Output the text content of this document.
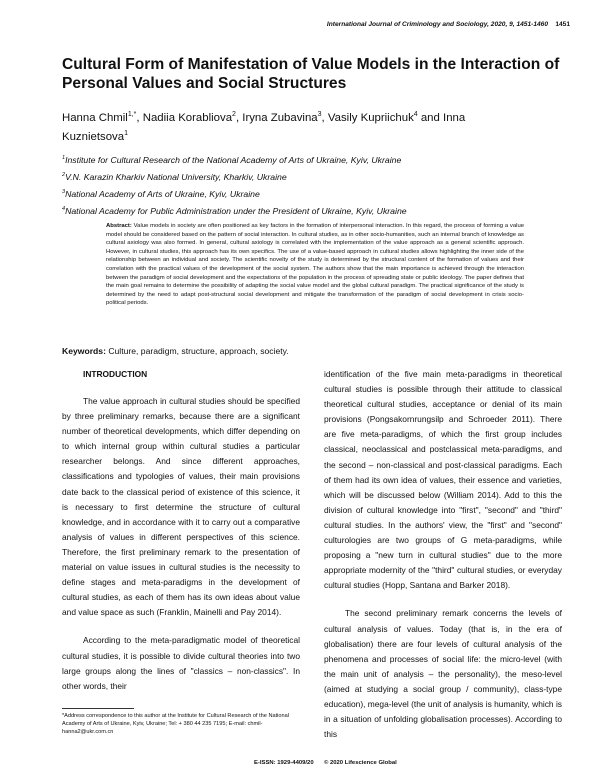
International Journal of Criminology and Sociology, 2020, 9, 1451-1460 1451
Cultural Form of Manifestation of Value Models in the Interaction of Personal Values and Social Structures
Hanna Chmil$^{1,*}$, Nadiia Korabliova$^2$, Iryna Zubavina$^3$, Vasily Kupriichuk$^4$ and Inna Kuznietsova$^1$
$^1$Institute for Cultural Research of the National Academy of Arts of Ukraine, Kyiv, Ukraine
$^2$V.N. Karazin Kharkiv National University, Kharkiv, Ukraine
$^3$National Academy of Arts of Ukraine, Kyiv, Ukraine
$^4$National Academy for Public Administration under the President of Ukraine, Kyiv, Ukraine
Abstract: Value models in society are often positioned as key factors in the formation of interpersonal interaction. In this regard, the process of forming a value model should be considered based on the pattern of social interaction. In cultural studies, as in other socio-humanities, such an internal branch of knowledge as cultural axiology was also formed. In general, cultural axiology is correlated with the implementation of the value approach as a general scientific approach. However, in cultural studies, this approach has its own specifics. The use of a value-based approach in cultural studies allows highlighting the inner side of the relationship between an individual and society. The scientific novelty of the study is determined by the structural content of the formation of values and their correlation with the practical values of the development of the social system. The authors show that the main importance is achieved through the interaction between the paradigm of social development and the expectations of the population in the process of spreading state or public ideology. The paper defines that the main goal remains to determine the possibility of adapting the social value model and the global cultural paradigm. The practical significance of the study is determined by the need to adapt post-structural social development and mitigate the transformation of the paradigm of social development in crisis socio-political periods.
Keywords: Culture, paradigm, structure, approach, society.

INTRODUCTION

The value approach in cultural studies should be specified by three preliminary remarks, because there are a significant number of theoretical developments, which differ depending on to which internal group within cultural studies a particular researcher belongs. And since different approaches, classifications and typologies of values, their main provisions date back to the classical period of existence of this science, it is necessary to first determine the structure of cultural knowledge, and in accordance with it to carry out a comparative analysis of values in different perspectives of this science. Therefore, the first preliminary remark to the presentation of material on value issues in cultural studies is the necessity to define stages and meta-paradigms in the development of cultural studies, as each of them has its own ideas about value and value space as such (Franklin, Mainelli and Pay 2014).

According to the meta-paradigmatic model of theoretical cultural studies, it is possible to divide cultural theories into two large groups along the lines of "classics – non-classics". In other words, their

identification of the five main meta-paradigms in theoretical cultural studies is possible through their attitude to classical theoretical cultural studies, acceptance or denial of its main provisions (Pongsakornrungsilp and Schroeder 2011). There are five meta-paradigms, of which the first group includes classical, neoclassical and postclassical meta-paradigms, and the second – non-classical and post-classical paradigms. Each of them had its own idea of values, their essence and varieties, which will be discussed below (William 2014). Add to this the division of cultural knowledge into "first", "second" and "third" cultural studies. In the authors' view, the "first" and "second" culturologies are two groups of G meta-paradigms, while proposing a "new turn in cultural studies" due to the more appropriate modernity of the "third" cultural studies, or everyday cultural studies (Hopp, Santana and Barker 2018).

The second preliminary remark concerns the levels of cultural analysis of values. Today (that is, in the era of globalisation) there are four levels of cultural analysis of the phenomena and processes of social life: the micro-level (with the main unit of analysis – the personality), the meso-level (aimed at studying a social group / community), class-type education), mega-level (the unit of analysis is humanity, which is in a situation of unfolding globalisation processes). According to this

*Address correspondence to this author at the Institute for Cultural Research of the National Academy of Arts of Ukraine, Kyiv, Ukraine; Tel: + 380 44 235 7195; E-mail: chmil-hanna2@ukr.com.cn
E-ISSN: 1929-4409/20 © 2020 Lifescience Global
